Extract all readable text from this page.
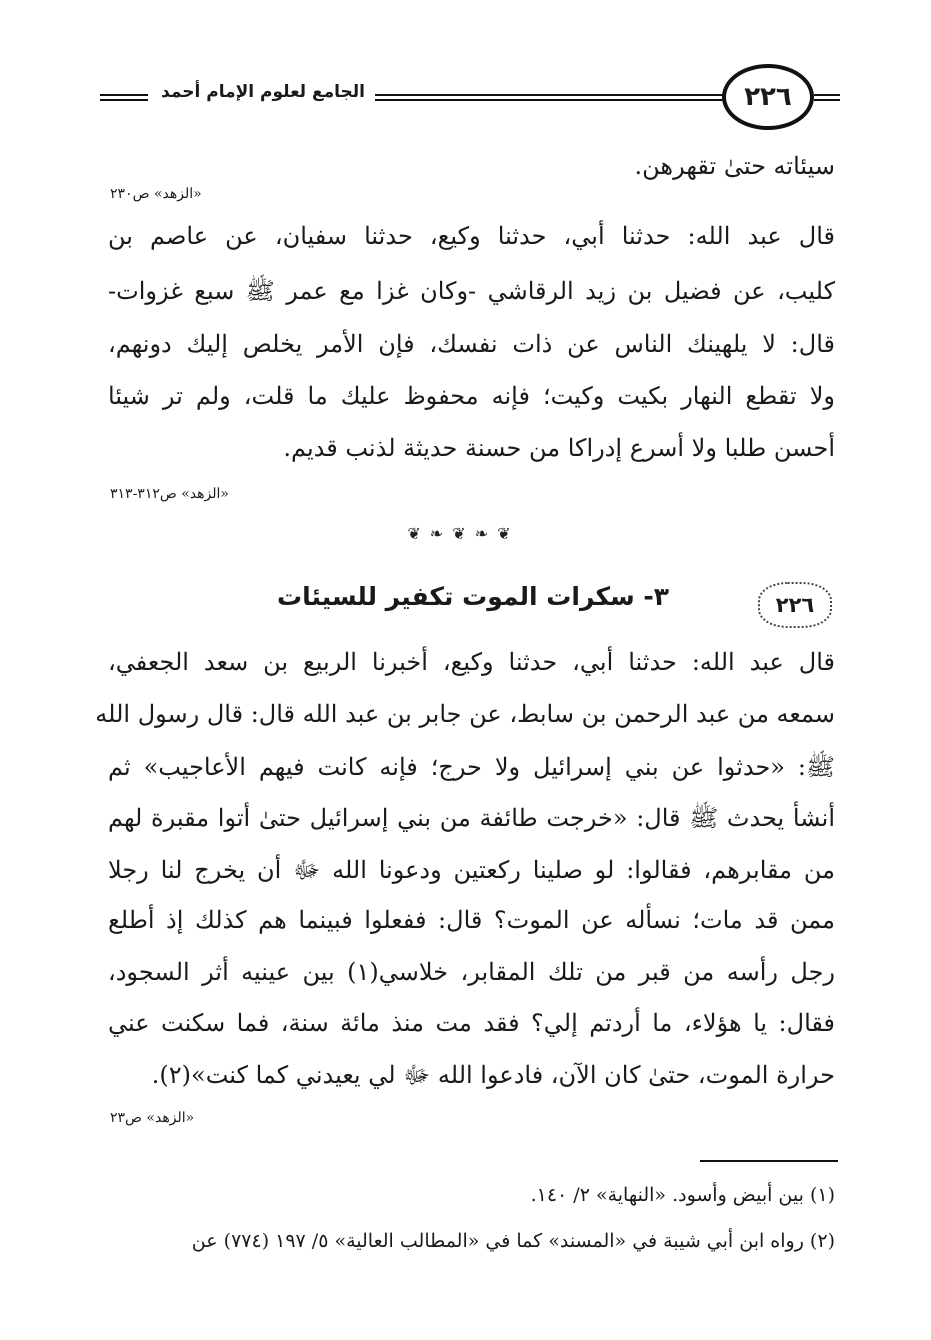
الجامع لعلوم الإمام أحمد	٢٢٦
سيئاته حتىٰ تقهرهن.
«الزهد» ص٢٣٠
قال عبد الله: حدثنا أبي، حدثنا وكيع، حدثنا سفيان، عن عاصم بن
كليب، عن فضيل بن زيد الرقاشي -وكان غزا مع عمر ﷺ سبع غزوات-
قال: لا يلهينك الناس عن ذات نفسك، فإن الأمر يخلص إليك دونهم،
ولا تقطع النهار بكيت وكيت؛ فإنه محفوظ عليك ما قلت، ولم تر شيئا
أحسن طلبا ولا أسرع إدراكا من حسنة حديثة لذنب قديم.
«الزهد» ص٣١٢-٣١٣
❦ ❧ ❦ ❧ ❦
٢٢٦
٣- سكرات الموت تكفير للسيئات
قال عبد الله: حدثنا أبي، حدثنا وكيع، أخبرنا الربيع بن سعد الجعفي،
سمعه من عبد الرحمن بن سابط، عن جابر بن عبد الله قال: قال رسول الله
ﷺ: «حدثوا عن بني إسرائيل ولا حرج؛ فإنه كانت فيهم الأعاجيب» ثم
أنشأ يحدث ﷺ قال: «خرجت طائفة من بني إسرائيل حتىٰ أتوا مقبرة لهم
من مقابرهم، فقالوا: لو صلينا ركعتين ودعونا الله ﷻ أن يخرج لنا رجلا
ممن قد مات؛ نسأله عن الموت؟ قال: ففعلوا فبينما هم كذلك إذ أطلع
رجل رأسه من قبر من تلك المقابر، خلاسي(١) بين عينيه أثر السجود،
فقال: يا هؤلاء، ما أردتم إلي؟ فقد مت منذ مائة سنة، فما سكنت عني
حرارة الموت، حتىٰ كان الآن، فادعوا الله ﷻ لي يعيدني كما كنت»(٢).
«الزهد» ص٢٣
(١) بين أبيض وأسود. «النهاية» ٢/ ١٤٠.
(٢) رواه ابن أبي شيبة في «المسند» كما في «المطالب العالية» ٥/ ١٩٧ (٧٧٤) عن
